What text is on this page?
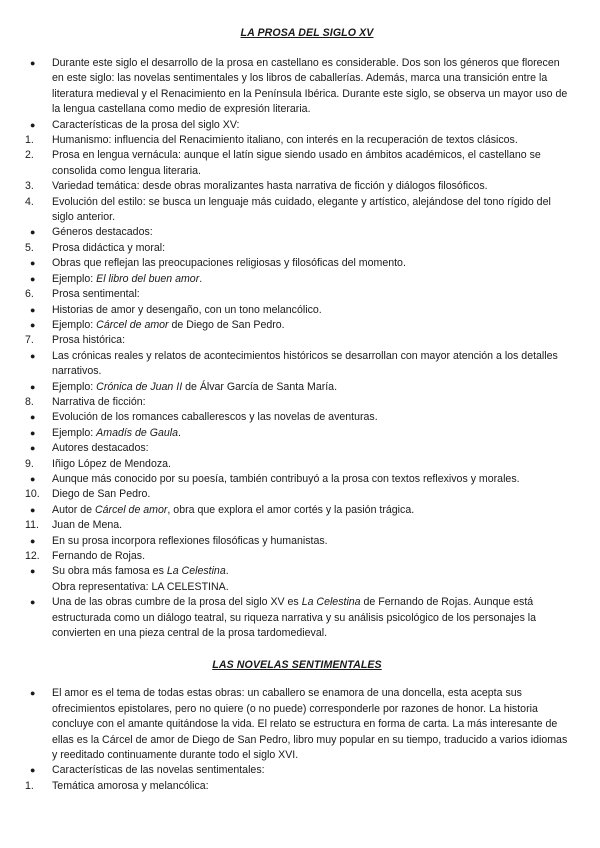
LA PROSA DEL SIGLO XV
●	Durante este siglo el desarrollo de la prosa en castellano es considerable. Dos son los géneros que florecen en este siglo: las novelas sentimentales y los libros de caballerías. Además, marca una transición entre la literatura medieval y el Renacimiento en la Península Ibérica. Durante este siglo, se observa un mayor uso de la lengua castellana como medio de expresión literaria.
●	Características de la prosa del siglo XV:
1.	Humanismo: influencia del Renacimiento italiano, con interés en la recuperación de textos clásicos.
2.	Prosa en lengua vernácula: aunque el latín sigue siendo usado en ámbitos académicos, el castellano se consolida como lengua literaria.
3.	Variedad temática: desde obras moralizantes hasta narrativa de ficción y diálogos filosóficos.
4.	Evolución del estilo: se busca un lenguaje más cuidado, elegante y artístico, alejándose del tono rígido del siglo anterior.
●	Géneros destacados:
5.	Prosa didáctica y moral:
●	Obras que reflejan las preocupaciones religiosas y filosóficas del momento.
●	Ejemplo: El libro del buen amor.
6.	Prosa sentimental:
●	Historias de amor y desengaño, con un tono melancólico.
●	Ejemplo: Cárcel de amor de Diego de San Pedro.
7.	Prosa histórica:
●	Las crónicas reales y relatos de acontecimientos históricos se desarrollan con mayor atención a los detalles narrativos.
●	Ejemplo: Crónica de Juan II de Álvar García de Santa María.
8.	Narrativa de ficción:
●	Evolución de los romances caballerescos y las novelas de aventuras.
●	Ejemplo: Amadís de Gaula.
●	Autores destacados:
9.	Iñigo López de Mendoza.
●	Aunque más conocido por su poesía, también contribuyó a la prosa con textos reflexivos y morales.
10.	Diego de San Pedro.
●	Autor de Cárcel de amor, obra que explora el amor cortés y la pasión trágica.
11.	Juan de Mena.
●	En su prosa incorpora reflexiones filosóficas y humanistas.
12.	Fernando de Rojas.
●	Su obra más famosa es La Celestina.
Obra representativa: LA CELESTINA.
●	Una de las obras cumbre de la prosa del siglo XV es La Celestina de Fernando de Rojas. Aunque está estructurada como un diálogo teatral, su riqueza narrativa y su análisis psicológico de los personajes la convierten en una pieza central de la prosa tardomedieval.
LAS NOVELAS SENTIMENTALES
●	El amor es el tema de todas estas obras: un caballero se enamora de una doncella, esta acepta sus ofrecimientos epistolares, pero no quiere (o no puede) corresponderle por razones de honor. La historia concluye con el amante quitándose la vida. El relato se estructura en forma de carta. La más interesante de ellas es la Cárcel de amor de Diego de San Pedro, libro muy popular en su tiempo, traducido a varios idiomas y reeditado continuamente durante todo el siglo XVI.
●	Características de las novelas sentimentales:
1.	Temática amorosa y melancólica:
